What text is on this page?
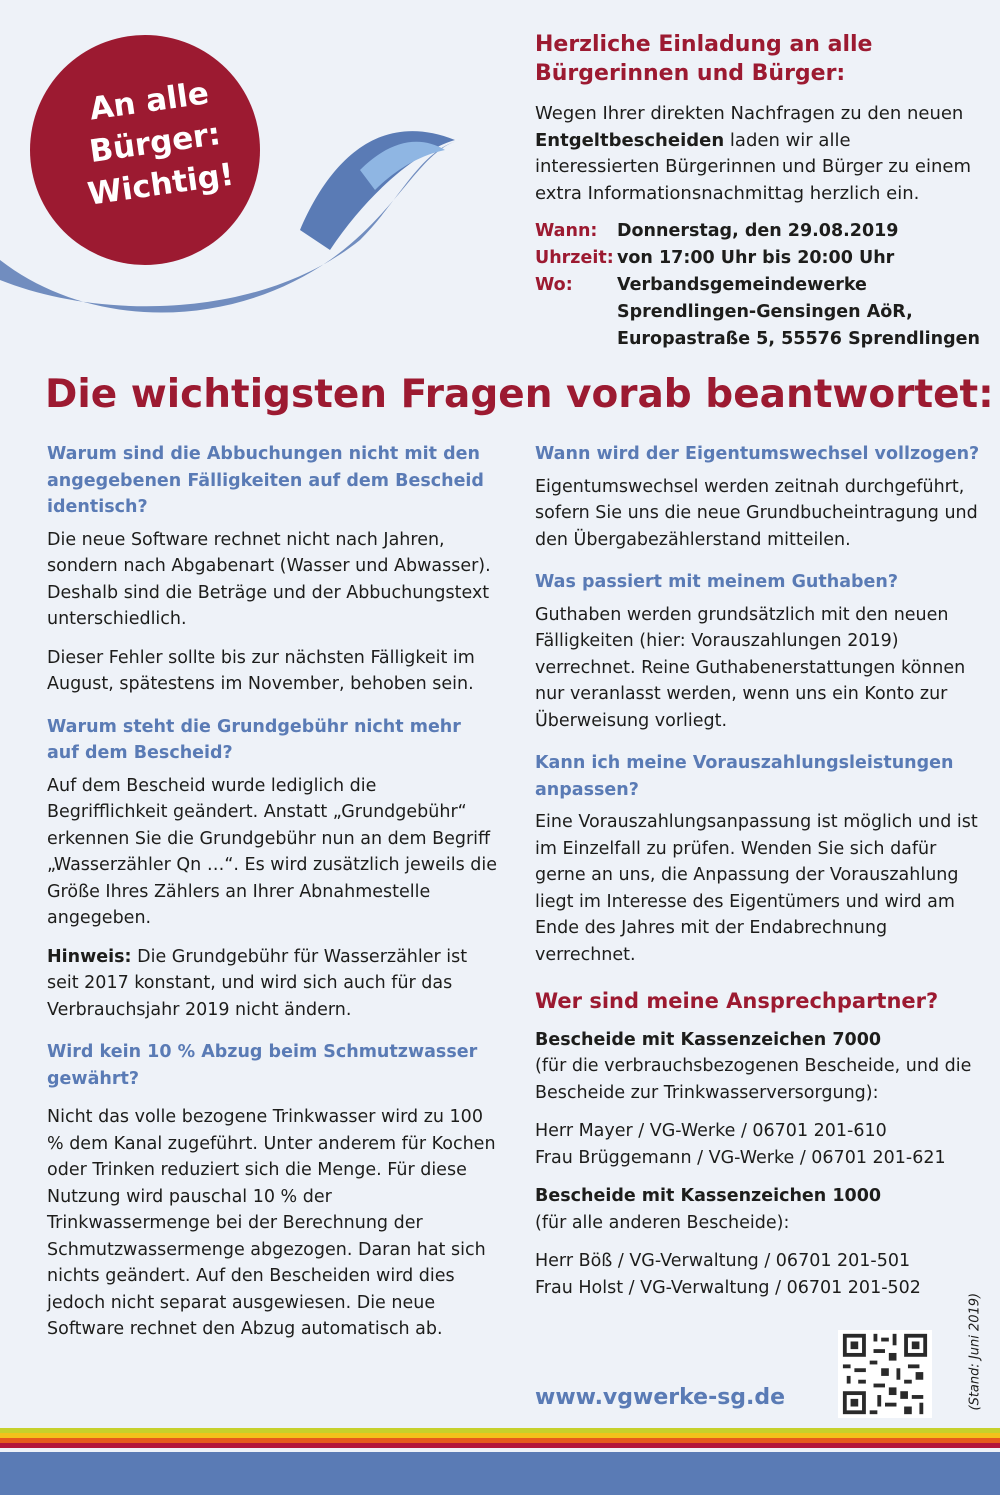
An alle
Bürger:
Wichtig!
Herzliche Einladung an alle
Bürgerinnen und Bürger:
Wegen Ihrer direkten Nachfragen zu den neuen Entgeltbescheiden laden wir alle interessierten Bürgerinnen und Bürger zu einem extra Informationsnachmittag herzlich ein.
Wann:	Donnerstag, den 29.08.2019
Uhrzeit: von 17:00 Uhr bis 20:00 Uhr
Wo:	Verbandsgemeindewerke
Sprendlingen-Gensingen AöR,
Europastraße 5, 55576 Sprendlingen
Die wichtigsten Fragen vorab beantwortet:
Warum sind die Abbuchungen nicht mit den angegebenen Fälligkeiten auf dem Bescheid identisch?
Die neue Software rechnet nicht nach Jahren, sondern nach Abgabenart (Wasser und Abwasser). Deshalb sind die Beträge und der Abbuchungstext unterschiedlich.
Dieser Fehler sollte bis zur nächsten Fälligkeit im August, spätestens im November, behoben sein.
Warum steht die Grundgebühr nicht mehr auf dem Bescheid?
Auf dem Bescheid wurde lediglich die Begrifflichkeit geändert. Anstatt „Grundgebühr“ erkennen Sie die Grundgebühr nun an dem Begriff „Wasserzähler Qn …“. Es wird zusätzlich jeweils die Größe Ihres Zählers an Ihrer Abnahmestelle angegeben.
Hinweis: Die Grundgebühr für Wasserzähler ist seit 2017 konstant, und wird sich auch für das Verbrauchsjahr 2019 nicht ändern.
Wird kein 10 % Abzug beim Schmutzwasser gewährt?
Nicht das volle bezogene Trinkwasser wird zu 100 % dem Kanal zugeführt. Unter anderem für Kochen oder Trinken reduziert sich die Menge. Für diese Nutzung wird pauschal 10 % der Trinkwassermenge bei der Berechnung der Schmutzwassermenge abgezogen. Daran hat sich nichts geändert. Auf den Bescheiden wird dies jedoch nicht separat ausgewiesen. Die neue Software rechnet den Abzug automatisch ab.
Wann wird der Eigentumswechsel vollzogen?
Eigentumswechsel werden zeitnah durchgeführt, sofern Sie uns die neue Grundbucheintragung und den Übergabezählerstand mitteilen.
Was passiert mit meinem Guthaben?
Guthaben werden grundsätzlich mit den neuen Fälligkeiten (hier: Vorauszahlungen 2019) verrechnet. Reine Guthabenerstattungen können nur veranlasst werden, wenn uns ein Konto zur Überweisung vorliegt.
Kann ich meine Vorauszahlungsleistungen anpassen?
Eine Vorauszahlungsanpassung ist möglich und ist im Einzelfall zu prüfen. Wenden Sie sich dafür gerne an uns, die Anpassung der Vorauszahlung liegt im Interesse des Eigentümers und wird am Ende des Jahres mit der Endabrechnung verrechnet.
Wer sind meine Ansprechpartner?
Bescheide mit Kassenzeichen 7000
(für die verbrauchsbezogenen Bescheide, und die Bescheide zur Trinkwasserversorgung):
Herr Mayer / VG-Werke / 06701 201-610
Frau Brüggemann / VG-Werke / 06701 201-621
Bescheide mit Kassenzeichen 1000
(für alle anderen Bescheide):
Herr Böß / VG-Verwaltung / 06701 201-501
Frau Holst / VG-Verwaltung / 06701 201-502
www.vgwerke-sg.de	(Stand: Juni 2019)
